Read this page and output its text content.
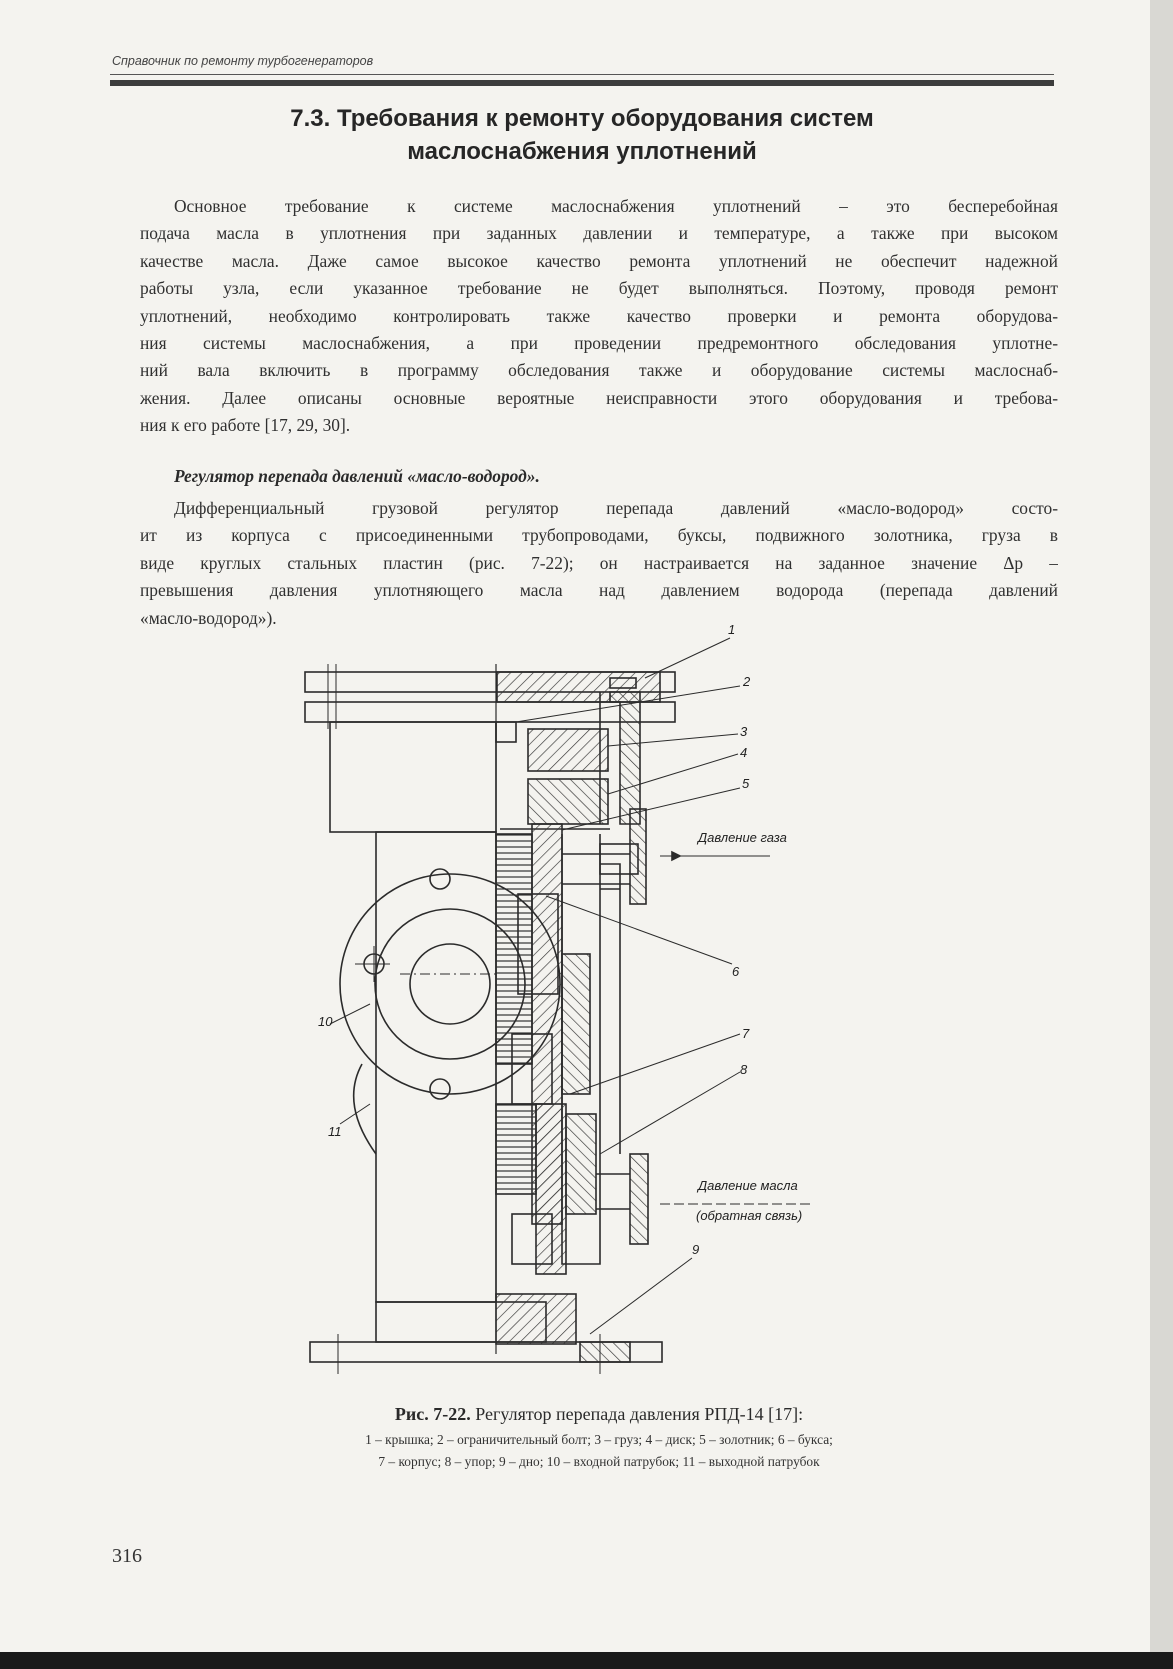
Справочник по ремонту турбогенераторов
7.3. Требования к ремонту оборудования систем
маслоснабжения уплотнений

Основное требование к системе маслоснабжения уплотнений – это бесперебойная
подача масла в уплотнения при заданных давлении и температуре, а также при высоком
качестве масла. Даже самое высокое качество ремонта уплотнений не обеспечит надежной
работы узла, если указанное требование не будет выполняться. Поэтому, проводя ремонт
уплотнений, необходимо контролировать также качество проверки и ремонта оборудова-
ния системы маслоснабжения, а при проведении предремонтного обследования уплотне-
ний вала включить в программу обследования также и оборудование системы маслоснаб-
жения. Далее описаны основные вероятные неисправности этого оборудования и требова-
ния к его работе [17, 29, 30].

Регулятор перепада давлений «масло-водород».

Дифференциальный грузовой регулятор перепада давлений «масло-водород» состо-
ит из корпуса с присоединенными трубопроводами, буксы, подвижного золотника, груза в
виде круглых стальных пластин (рис. 7-22); он настраивается на заданное значение Δp –
превышения давления уплотняющего масла над давлением водорода (перепада давлений
«масло-водород»).

1
2
3
4
5
6
7
8
9
10
11
Давление газа
Давление масла
(обратная связь)
Рис. 7-22. Регулятор перепада давления РПД-14 [17]:
1 – крышка; 2 – ограничительный болт; 3 – груз; 4 – диск; 5 – золотник; 6 – букса;
7 – корпус; 8 – упор; 9 – дно; 10 – входной патрубок; 11 – выходной патрубок
316
